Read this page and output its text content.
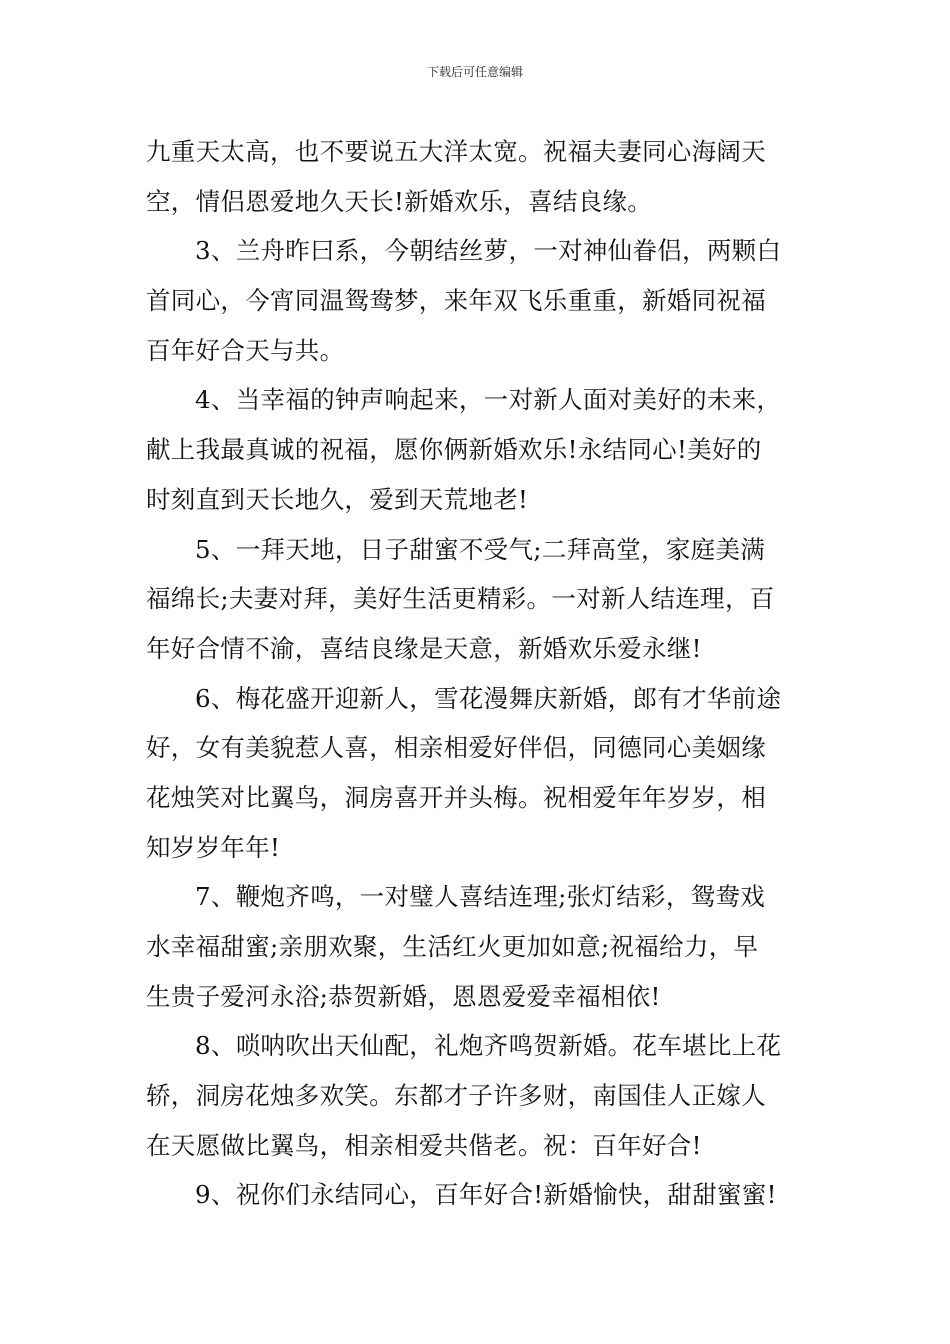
下载后可任意编辑
九重天太高，也不要说五大洋太宽。祝福夫妻同心海阔天
空，情侣恩爱地久天长!新婚欢乐，喜结良缘。
3、兰舟昨曰系，今朝结丝萝，一对神仙眷侣，两颗白
首同心，今宵同温鸳鸯梦，来年双飞乐重重，新婚同祝福
百年好合天与共。
4、当幸福的钟声响起来，一对新人面对美好的未来，
献上我最真诚的祝福，愿你俩新婚欢乐!永结同心!美好的
时刻直到天长地久，爱到天荒地老!
5、一拜天地，日子甜蜜不受气;二拜高堂，家庭美满
福绵长;夫妻对拜，美好生活更精彩。一对新人结连理，百
年好合情不渝，喜结良缘是天意，新婚欢乐爱永继!
6、梅花盛开迎新人，雪花漫舞庆新婚，郎有才华前途
好，女有美貌惹人喜，相亲相爱好伴侣，同德同心美姻缘
花烛笑对比翼鸟，洞房喜开并头梅。祝相爱年年岁岁，相
知岁岁年年!
7、鞭炮齐鸣，一对璧人喜结连理;张灯结彩，鸳鸯戏
水幸福甜蜜;亲朋欢聚，生活红火更加如意;祝福给力，早
生贵子爱河永浴;恭贺新婚，恩恩爱爱幸福相依!
8、唢呐吹出天仙配，礼炮齐鸣贺新婚。花车堪比上花
轿，洞房花烛多欢笑。东都才子许多财，南国佳人正嫁人
在天愿做比翼鸟，相亲相爱共偕老。祝：百年好合!
9、祝你们永结同心，百年好合!新婚愉快，甜甜蜜蜜!
